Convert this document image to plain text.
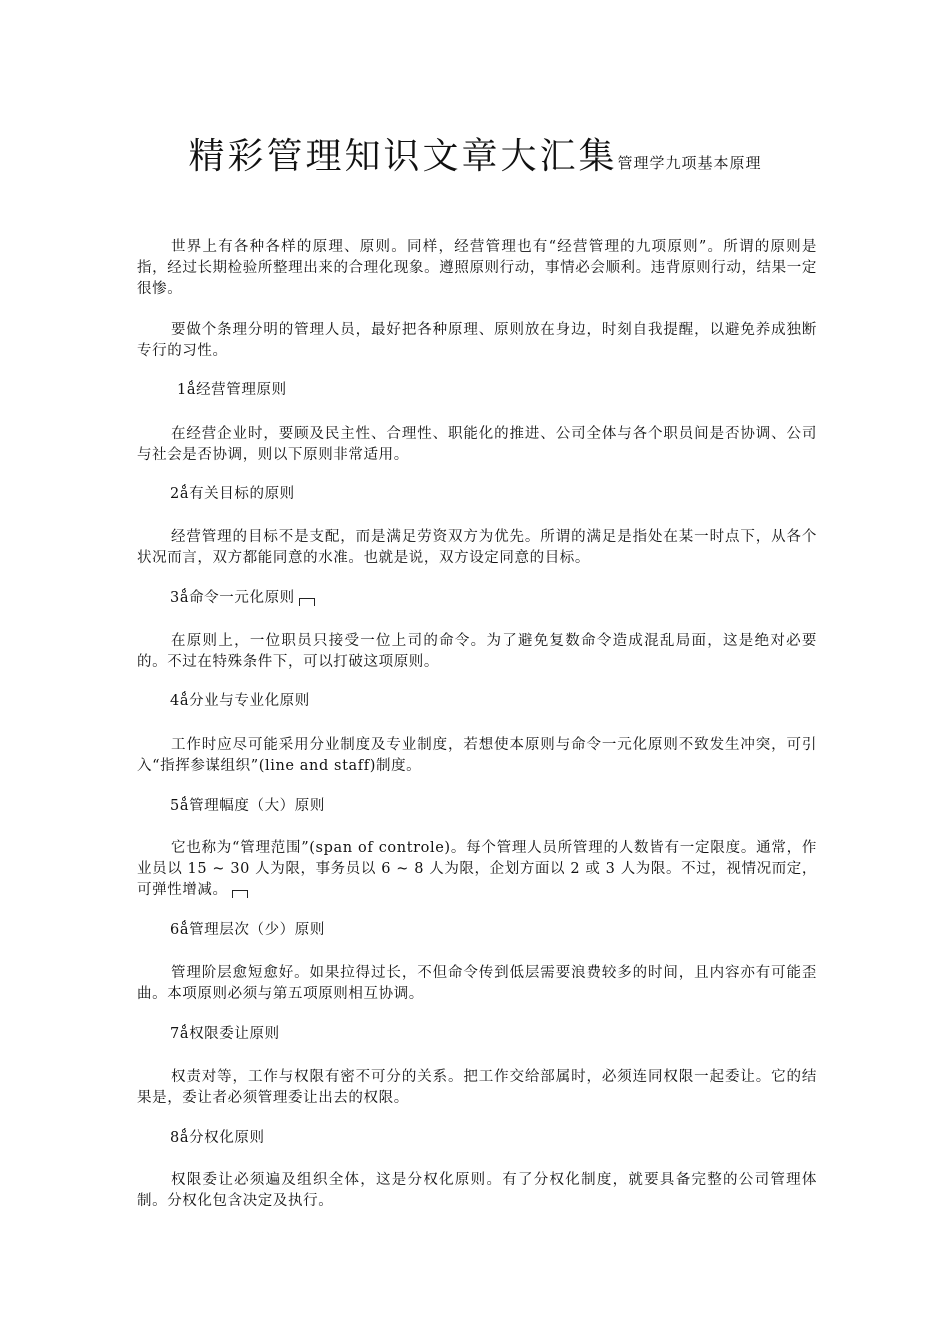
精彩管理知识文章大汇集管理学九项基本原理

世界上有各种各样的原理、原则。同样，经营管理也有“经营管理的九项原则”。所谓的原则是指，经过长期检验所整理出来的合理化现象。遵照原则行动，事情必会顺利。违背原则行动，结果一定很惨。

要做个条理分明的管理人员，最好把各种原理、原则放在身边，时刻自我提醒，以避免养成独断专行的习性。

1ǻ经营管理原则

在经营企业时，要顾及民主性、合理性、职能化的推进、公司全体与各个职员间是否协调、公司与社会是否协调，则以下原则非常适用。

2ǻ有关目标的原则

经营管理的目标不是支配，而是满足劳资双方为优先。所谓的满足是指处在某一时点下，从各个状况而言，双方都能同意的水准。也就是说，双方设定同意的目标。

3ǻ命令一元化原则

在原则上，一位职员只接受一位上司的命令。为了避免复数命令造成混乱局面，这是绝对必要的。不过在特殊条件下，可以打破这项原则。

4ǻ分业与专业化原则

工作时应尽可能采用分业制度及专业制度，若想使本原则与命令一元化原则不致发生冲突，可引入“指挥参谋组织”(line and staff)制度。

5ǻ管理幅度（大）原则

它也称为“管理范围”(span of controle)。每个管理人员所管理的人数皆有一定限度。通常，作业员以 15 ~ 30 人为限，事务员以 6 ~ 8 人为限，企划方面以 2 或 3 人为限。不过，视情况而定，可弹性增减。

6ǻ管理层次（少）原则

管理阶层愈短愈好。如果拉得过长，不但命令传到低层需要浪费较多的时间，且内容亦有可能歪曲。本项原则必须与第五项原则相互协调。

7ǻ权限委让原则

权责对等，工作与权限有密不可分的关系。把工作交给部属时，必须连同权限一起委让。它的结果是，委让者必须管理委让出去的权限。

8ǻ分权化原则

权限委让必须遍及组织全体，这是分权化原则。有了分权化制度，就要具备完整的公司管理体制。分权化包含决定及执行。
